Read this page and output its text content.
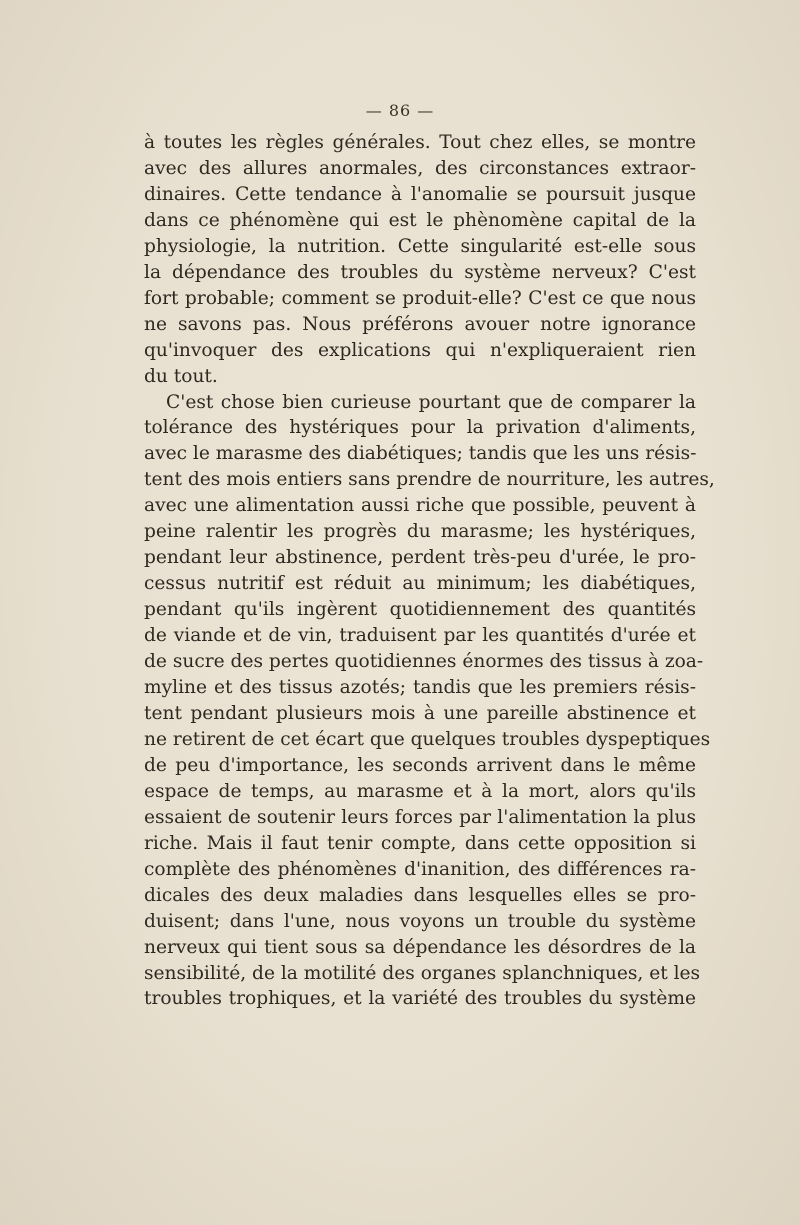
— 86 —
à toutes les règles générales. Tout chez elles, se montre
avec des allures anormales, des circonstances extraor-
dinaires. Cette tendance à l'anomalie se poursuit jusque
dans ce phénomène qui est le phènomène capital de la
physiologie, la nutrition. Cette singularité est-elle sous
la dépendance des troubles du système nerveux? C'est
fort probable; comment se produit-elle? C'est ce que nous
ne savons pas. Nous préférons avouer notre ignorance
qu'invoquer des explications qui n'expliqueraient rien
du tout.
C'est chose bien curieuse pourtant que de comparer la
tolérance des hystériques pour la privation d'aliments,
avec le marasme des diabétiques; tandis que les uns résis-
tent des mois entiers sans prendre de nourriture, les autres,
avec une alimentation aussi riche que possible, peuvent à
peine ralentir les progrès du marasme; les hystériques,
pendant leur abstinence, perdent très-peu d'urée, le pro-
cessus nutritif est réduit au minimum; les diabétiques,
pendant qu'ils ingèrent quotidiennement des quantités
de viande et de vin, traduisent par les quantités d'urée et
de sucre des pertes quotidiennes énormes des tissus à zoa-
myline et des tissus azotés; tandis que les premiers résis-
tent pendant plusieurs mois à une pareille abstinence et
ne retirent de cet écart que quelques troubles dyspeptiques
de peu d'importance, les seconds arrivent dans le même
espace de temps, au marasme et à la mort, alors qu'ils
essaient de soutenir leurs forces par l'alimentation la plus
riche. Mais il faut tenir compte, dans cette opposition si
complète des phénomènes d'inanition, des différences ra-
dicales des deux maladies dans lesquelles elles se pro-
duisent; dans l'une, nous voyons un trouble du système
nerveux qui tient sous sa dépendance les désordres de la
sensibilité, de la motilité des organes splanchniques, et les
troubles trophiques, et la variété des troubles du système
